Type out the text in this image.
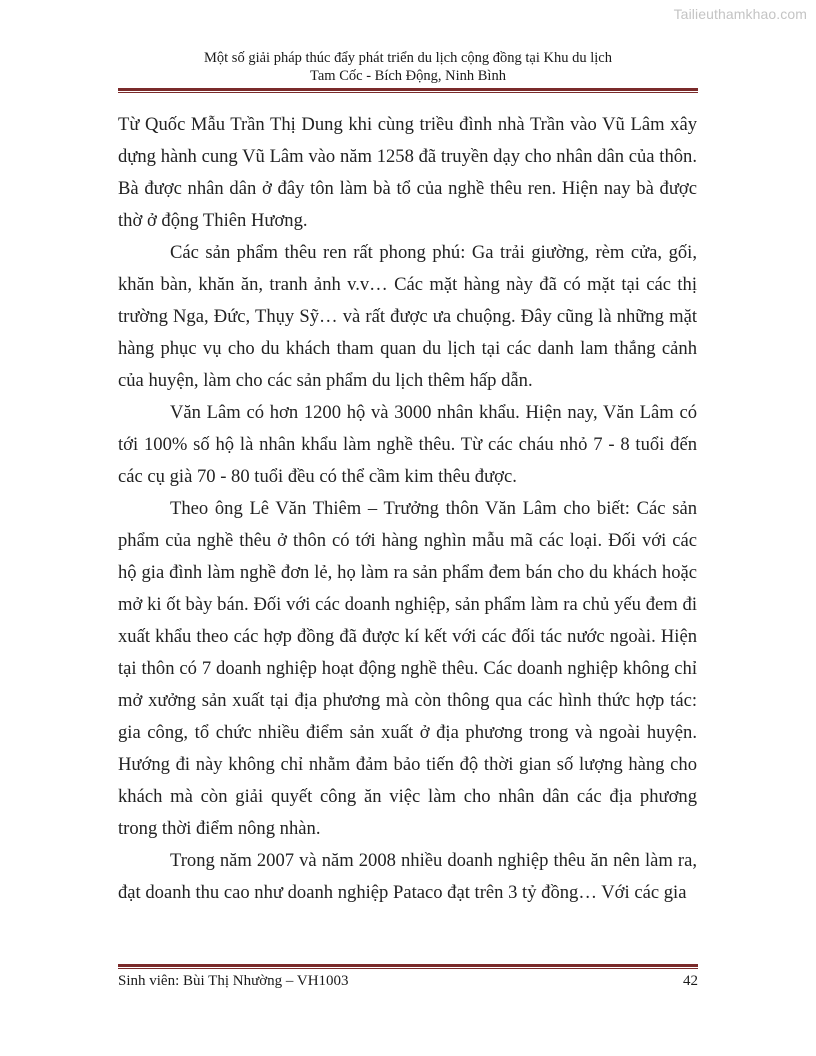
Tailieuthamkhao.com
Một số giải pháp thúc đẩy phát triển du lịch cộng đồng tại Khu du lịch
Tam Cốc - Bích Động, Ninh Bình

Từ Quốc Mẫu Trần Thị Dung khi cùng triều đình nhà Trần vào Vũ Lâm xây dựng hành cung Vũ Lâm vào năm 1258 đã truyền dạy cho nhân dân của thôn. Bà được nhân dân ở đây tôn làm bà tổ của nghề thêu ren. Hiện nay bà được thờ ở động Thiên Hương.

Các sản phẩm thêu ren rất phong phú: Ga trải giường, rèm cửa, gối, khăn bàn, khăn ăn, tranh ảnh v.v… Các mặt hàng này đã có mặt tại các thị trường Nga, Đức, Thụy Sỹ… và rất được ưa chuộng. Đây cũng là những mặt hàng phục vụ cho du khách tham quan du lịch tại các danh lam thắng cảnh của huyện, làm cho các sản phẩm du lịch thêm hấp dẫn.

Văn Lâm có hơn 1200 hộ và 3000 nhân khẩu. Hiện nay, Văn Lâm có tới 100% số hộ là nhân khẩu làm nghề thêu. Từ các cháu nhỏ 7 - 8 tuổi đến các cụ già 70 - 80 tuổi đều có thể cầm kim thêu được.

Theo ông Lê Văn Thiêm – Trưởng thôn Văn Lâm cho biết: Các sản phẩm của nghề thêu ở thôn có tới hàng nghìn mẫu mã các loại. Đối với các hộ gia đình làm nghề đơn lẻ, họ làm ra sản phẩm đem bán cho du khách hoặc mở ki ốt bày bán. Đối với các doanh nghiệp, sản phẩm làm ra chủ yếu đem đi xuất khẩu theo các hợp đồng đã được kí kết với các đối tác nước ngoài. Hiện tại thôn có 7 doanh nghiệp hoạt động nghề thêu. Các doanh nghiệp không chỉ mở xưởng sản xuất tại địa phương mà còn thông qua các hình thức hợp tác: gia công, tổ chức nhiều điểm sản xuất ở địa phương trong và ngoài huyện. Hướng đi này không chỉ nhằm đảm bảo tiến độ thời gian số lượng hàng cho khách mà còn giải quyết công ăn việc làm cho nhân dân các địa phương trong thời điểm nông nhàn.

Trong năm 2007 và năm 2008 nhiều doanh nghiệp thêu ăn nên làm ra, đạt doanh thu cao như doanh nghiệp Pataco đạt trên 3 tỷ đồng… Với các gia

Sinh viên: Bùi Thị Nhường – VH1003	42
